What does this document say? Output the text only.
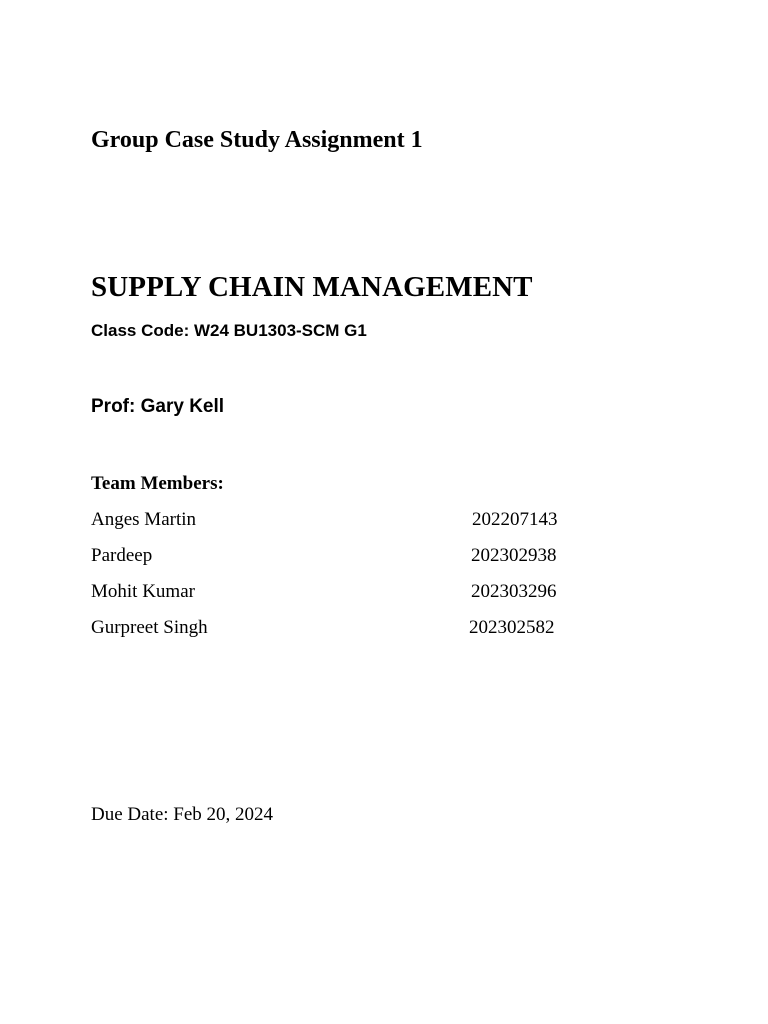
Group Case Study Assignment 1
SUPPLY CHAIN MANAGEMENT
Class Code: W24 BU1303-SCM G1
Prof: Gary Kell
Team Members:
Anges Martin	202207143
Pardeep	202302938
Mohit Kumar	202303296
Gurpreet Singh	202302582
Due Date: Feb 20, 2024
